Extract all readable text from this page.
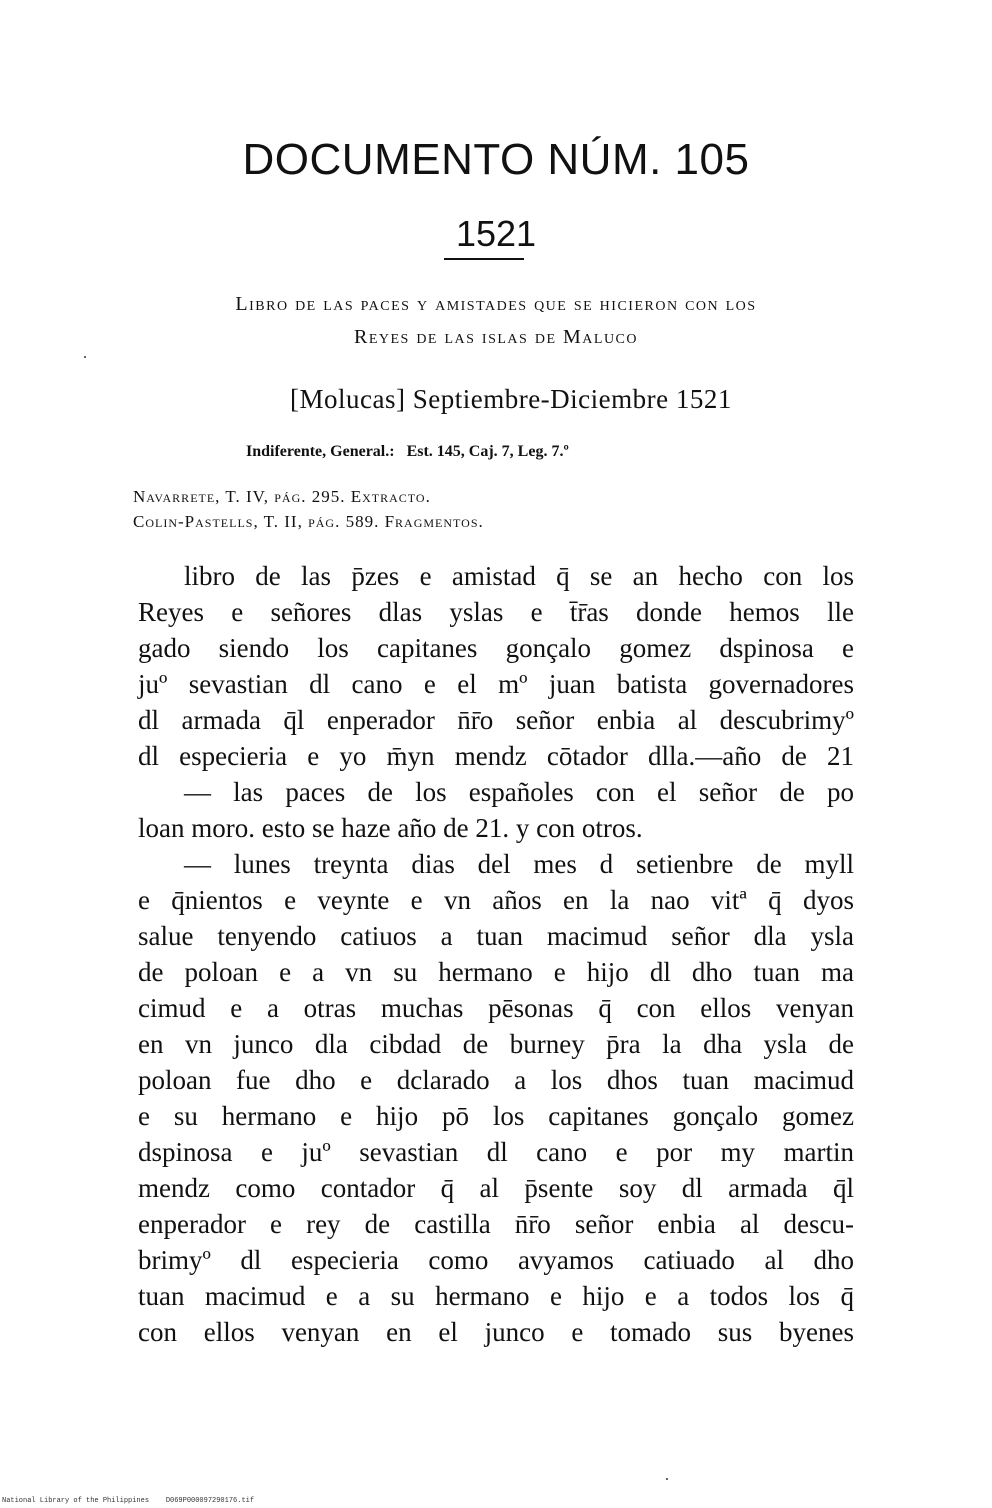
DOCUMENTO NÚM. 105
1521
Libro de las paces y amistades que se hicieron con los
Reyes de las islas de Maluco
[Molucas] Septiembre-Diciembre 1521
Indiferente, General.:   Est. 145, Caj. 7, Leg. 7.º
Navarrete, T. IV, pág. 295. Extracto.
Colin-Pastells, T. II, pág. 589. Fragmentos.

libro de las p̄zes e amistad q̄ se an hecho con los

Reyes e señores dlas yslas e t̄r̄as donde hemos lle

gado siendo los capitanes gonçalo gomez dspinosa e

juº sevastian dl cano e el mº juan batista governadores

dl armada q̄l enperador n̄r̄o señor enbia al descubrimyº

dl especieria e yo m̄yn mendz cōtador dlla.—año de 21

— las paces de los españoles con el señor de po

loan moro. esto se haze año de 21. y con otros.

— lunes treynta dias del mes d setienbre de myll

e q̄nientos e veynte e vn años en la nao vitª q̄ dyos

salue tenyendo catiuos a tuan macimud señor dla ysla

de poloan e a vn su hermano e hijo dl dho tuan ma

cimud e a otras muchas pēsonas q̄ con ellos venyan

en vn junco dla cibdad de burney p̄ra la dha ysla de

poloan fue dho e dclarado a los dhos tuan macimud

e su hermano e hijo pō los capitanes gonçalo gomez

dspinosa e juº sevastian dl cano e por my martin

mendz como contador q̄ al p̄sente soy dl armada q̄l

enperador e rey de castilla n̄r̄o señor enbia al descu-

brimyº dl especieria como avyamos catiuado al dho

tuan macimud e a su hermano e hijo e a todos los q̄

con ellos venyan en el junco e tomado sus byenes

National Library of the Philippines    D069P000097290176.tif
